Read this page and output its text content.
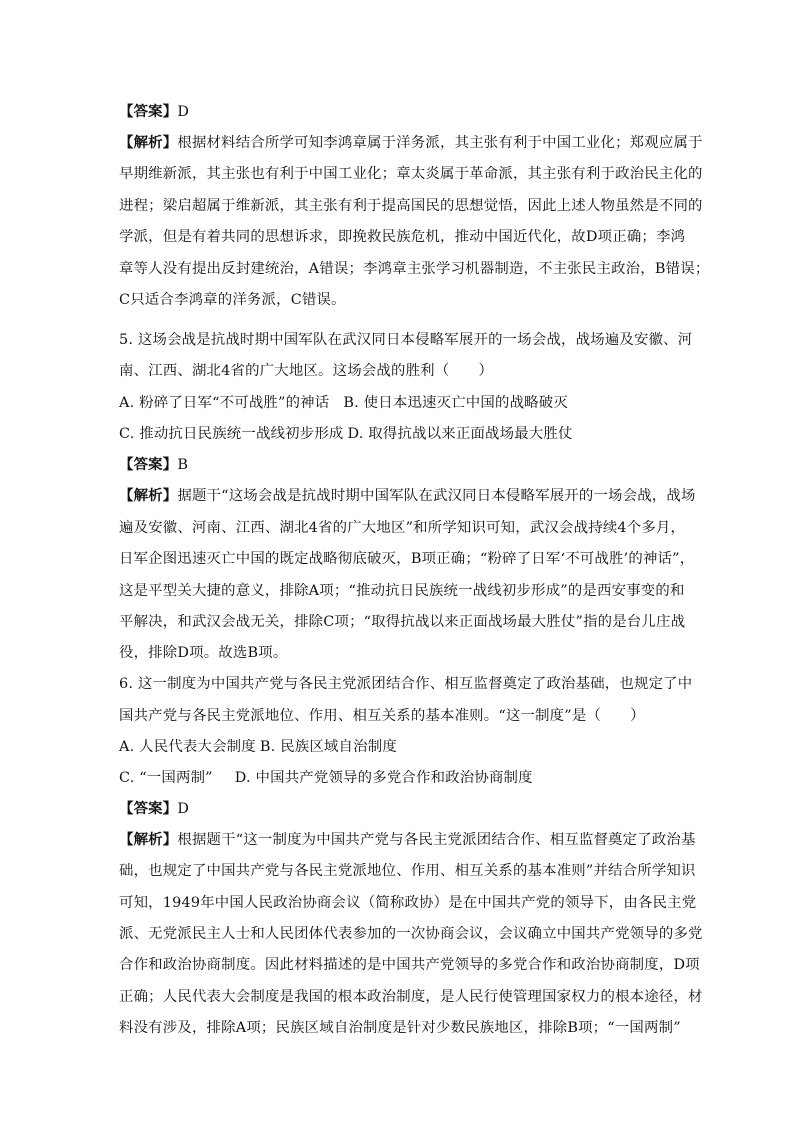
【答案】D
【解析】根据材料结合所学可知李鸿章属于洋务派，其主张有利于中国工业化；郑观应属于
早期维新派，其主张也有利于中国工业化；章太炎属于革命派，其主张有利于政治民主化的
进程；梁启超属于维新派，其主张有利于提高国民的思想觉悟，因此上述人物虽然是不同的
学派，但是有着共同的思想诉求，即挽救民族危机，推动中国近代化，故D项正确；李鸿
章等人没有提出反封建统治，A错误；李鸿章主张学习机器制造，不主张民主政治，B错误；
C只适合李鸿章的洋务派，C错误。
5. 这场会战是抗战时期中国军队在武汉同日本侵略军展开的一场会战，战场遍及安徽、河
南、江西、湖北4省的广大地区。这场会战的胜利（　　）
A. 粉碎了日军“不可战胜”的神话 B. 使日本迅速灭亡中国的战略破灭
C. 推动抗日民族统一战线初步形成 D. 取得抗战以来正面战场最大胜仗
【答案】B
【解析】据题干“这场会战是抗战时期中国军队在武汉同日本侵略军展开的一场会战，战场
遍及安徽、河南、江西、湖北4省的广大地区”和所学知识可知，武汉会战持续4个多月，
日军企图迅速灭亡中国的既定战略彻底破灭，B项正确；“粉碎了日军‘不可战胜’的神话”，
这是平型关大捷的意义，排除A项；“推动抗日民族统一战线初步形成”的是西安事变的和
平解决，和武汉会战无关，排除C项；“取得抗战以来正面战场最大胜仗”指的是台儿庄战
役，排除D项。故选B项。
6. 这一制度为中国共产党与各民主党派团结合作、相互监督奠定了政治基础，也规定了中
国共产党与各民主党派地位、作用、相互关系的基本准则。“这一制度”是（　　）
A. 人民代表大会制度 B. 民族区域自治制度
C. “一国两制” D. 中国共产党领导的多党合作和政治协商制度
【答案】D
【解析】根据题干“这一制度为中国共产党与各民主党派团结合作、相互监督奠定了政治基
础，也规定了中国共产党与各民主党派地位、作用、相互关系的基本准则”并结合所学知识
可知，1949年中国人民政治协商会议（简称政协）是在中国共产党的领导下，由各民主党
派、无党派民主人士和人民团体代表参加的一次协商会议，会议确立中国共产党领导的多党
合作和政治协商制度。因此材料描述的是中国共产党领导的多党合作和政治协商制度，D项
正确；人民代表大会制度是我国的根本政治制度，是人民行使管理国家权力的根本途径，材
料没有涉及，排除A项；民族区域自治制度是针对少数民族地区，排除B项；“一国两制”
